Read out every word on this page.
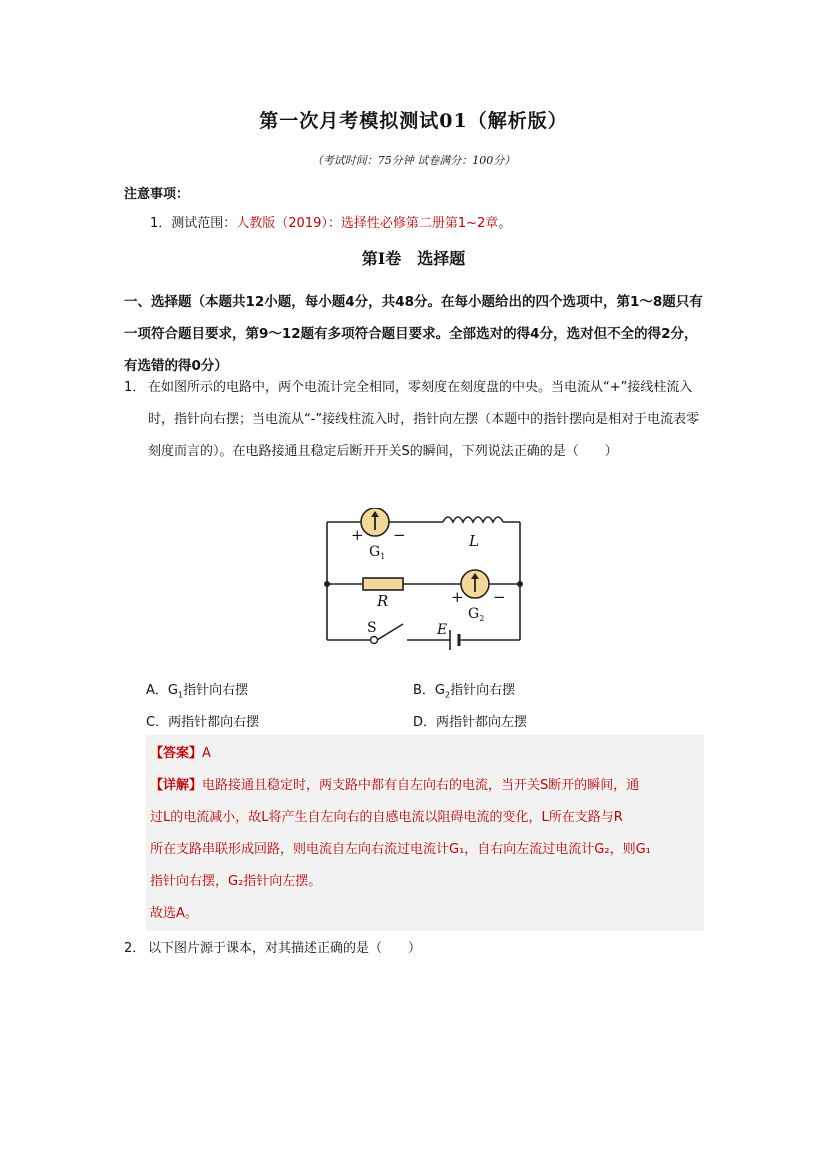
第一次月考模拟测试01（解析版）
（考试时间：75分钟 试卷满分：100分）
注意事项：
1．测试范围：人教版（2019）：选择性必修第二册第1~2章。
第Ⅰ卷 选择题
一、选择题（本题共12小题，每小题4分，共48分。在每小题给出的四个选项中，第1～8题只有一项符合题目要求，第9～12题有多项符合题目要求。全部选对的得4分，选对但不全的得2分，有选错的得0分）
1． 在如图所示的电路中，两个电流计完全相同，零刻度在刻度盘的中央。当电流从“+”接线柱流入时，指针向右摆；当电流从“-”接线柱流入时，指针向左摆（本题中的指针摆向是相对于电流表零刻度而言的）。在电路接通且稳定后断开开关S的瞬间，下列说法正确的是（　　）
+ −
$G_1$
L
R	+ −
$G_2$
S	E
A．$G_1$指针向右摆	B．$G_2$指针向右摆
C．两指针都向右摆	D．两指针都向左摆
【答案】A
【详解】电路接通且稳定时，两支路中都有自左向右的电流，当开关S断开的瞬间，通
过L的电流减小，故L将产生自左向右的自感电流以阻碍电流的变化，L所在支路与R
所在支路串联形成回路，则电流自左向右流过电流计G₁，自右向左流过电流计G₂，则G₁
指针向右摆，G₂指针向左摆。
故选A。
2． 以下图片源于课本，对其描述正确的是（　　）
